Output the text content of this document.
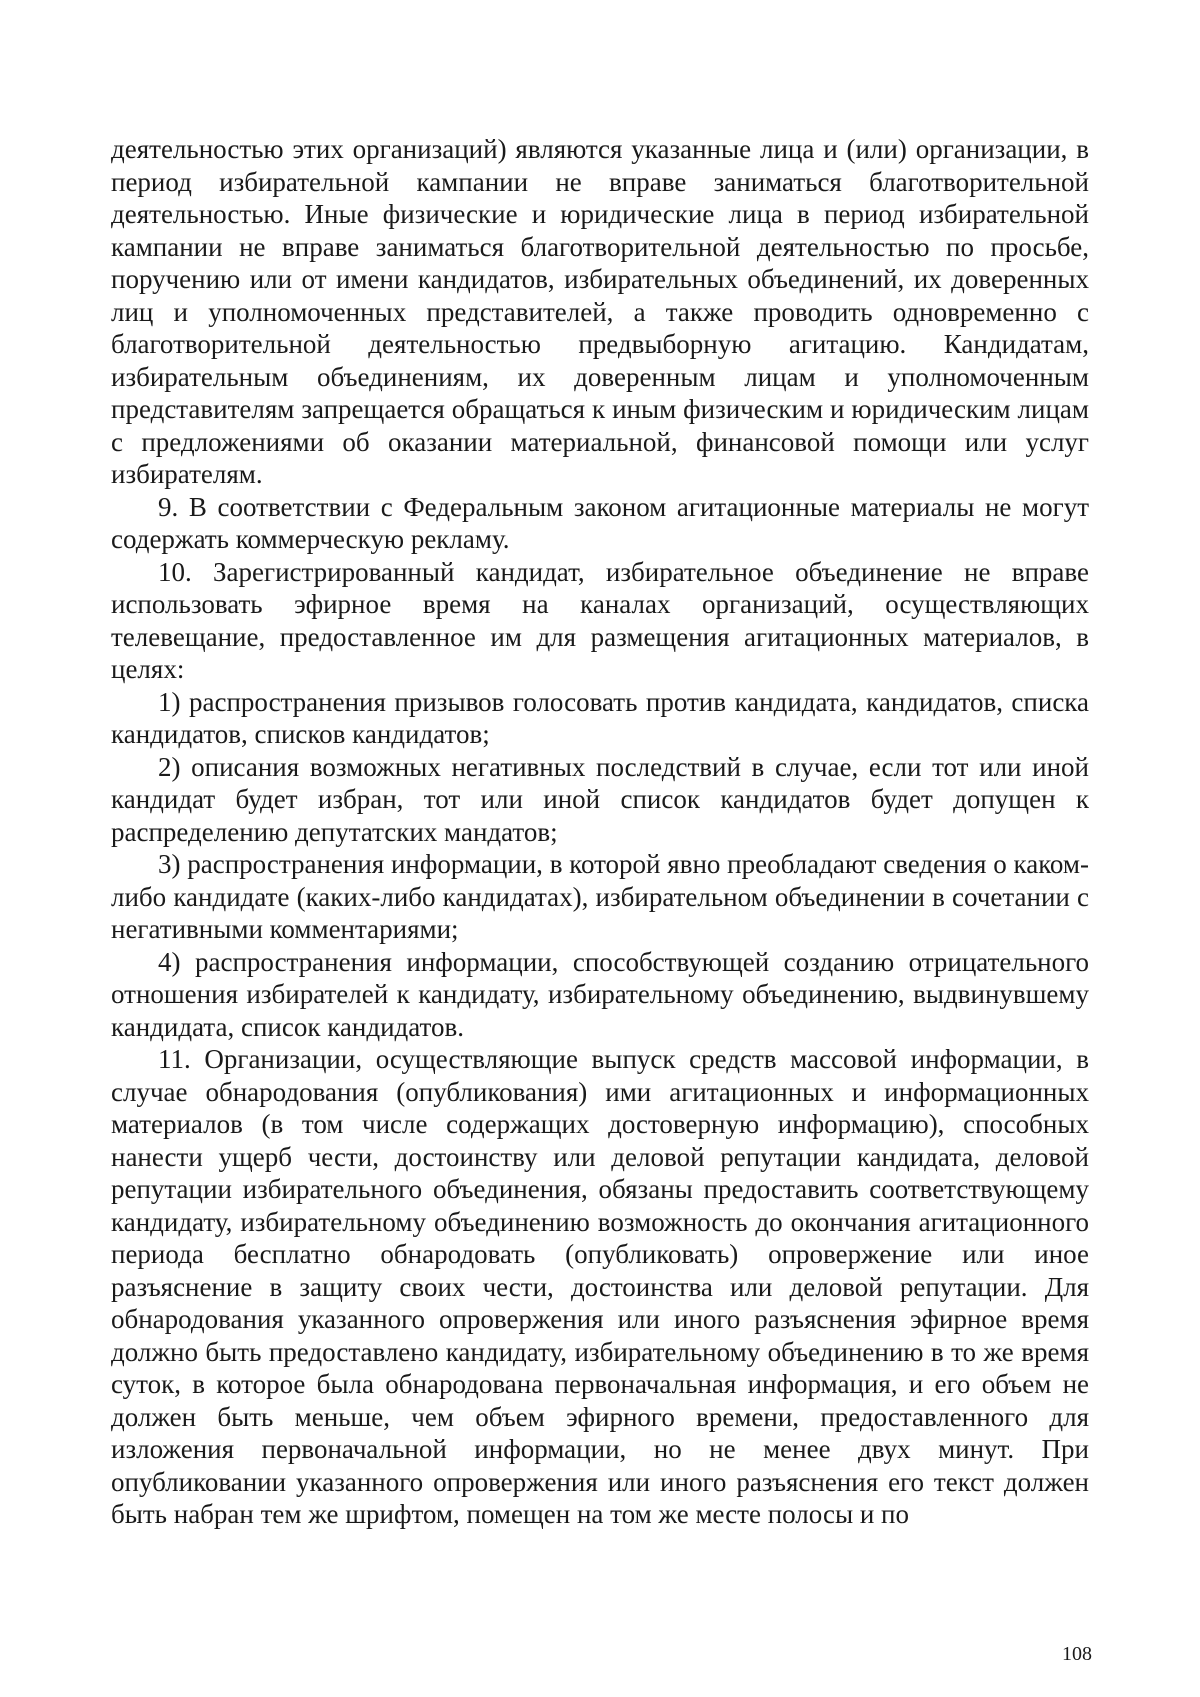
деятельностью этих организаций) являются указанные лица и (или) организации, в период избирательной кампании не вправе заниматься благотворительной деятельностью. Иные физические и юридические лица в период избирательной кампании не вправе заниматься благотворительной деятельностью по просьбе, поручению или от имени кандидатов, избирательных объединений, их доверенных лиц и уполномоченных представителей, а также проводить одновременно с благотворительной деятельностью предвыборную агитацию. Кандидатам, избирательным объединениям, их доверенным лицам и уполномоченным представителям запрещается обращаться к иным физическим и юридическим лицам с предложениями об оказании материальной, финансовой помощи или услуг избирателям.

9. В соответствии с Федеральным законом агитационные материалы не могут содержать коммерческую рекламу.

10. Зарегистрированный кандидат, избирательное объединение не вправе использовать эфирное время на каналах организаций, осуществляющих телевещание, предоставленное им для размещения агитационных материалов, в целях:

1) распространения призывов голосовать против кандидата, кандидатов, списка кандидатов, списков кандидатов;

2) описания возможных негативных последствий в случае, если тот или иной кандидат будет избран, тот или иной список кандидатов будет допущен к распределению депутатских мандатов;

3) распространения информации, в которой явно преобладают сведения о каком-либо кандидате (каких-либо кандидатах), избирательном объединении в сочетании с негативными комментариями;

4) распространения информации, способствующей созданию отрицательного отношения избирателей к кандидату, избирательному объединению, выдвинувшему кандидата, список кандидатов.

11. Организации, осуществляющие выпуск средств массовой информации, в случае обнародования (опубликования) ими агитационных и информационных материалов (в том числе содержащих достоверную информацию), способных нанести ущерб чести, достоинству или деловой репутации кандидата, деловой репутации избирательного объединения, обязаны предоставить соответствующему кандидату, избирательному объединению возможность до окончания агитационного периода бесплатно обнародовать (опубликовать) опровержение или иное разъяснение в защиту своих чести, достоинства или деловой репутации. Для обнародования указанного опровержения или иного разъяснения эфирное время должно быть предоставлено кандидату, избирательному объединению в то же время суток, в которое была обнародована первоначальная информация, и его объем не должен быть меньше, чем объем эфирного времени, предоставленного для изложения первоначальной информации, но не менее двух минут. При опубликовании указанного опровержения или иного разъяснения его текст должен быть набран тем же шрифтом, помещен на том же месте полосы и по

108
